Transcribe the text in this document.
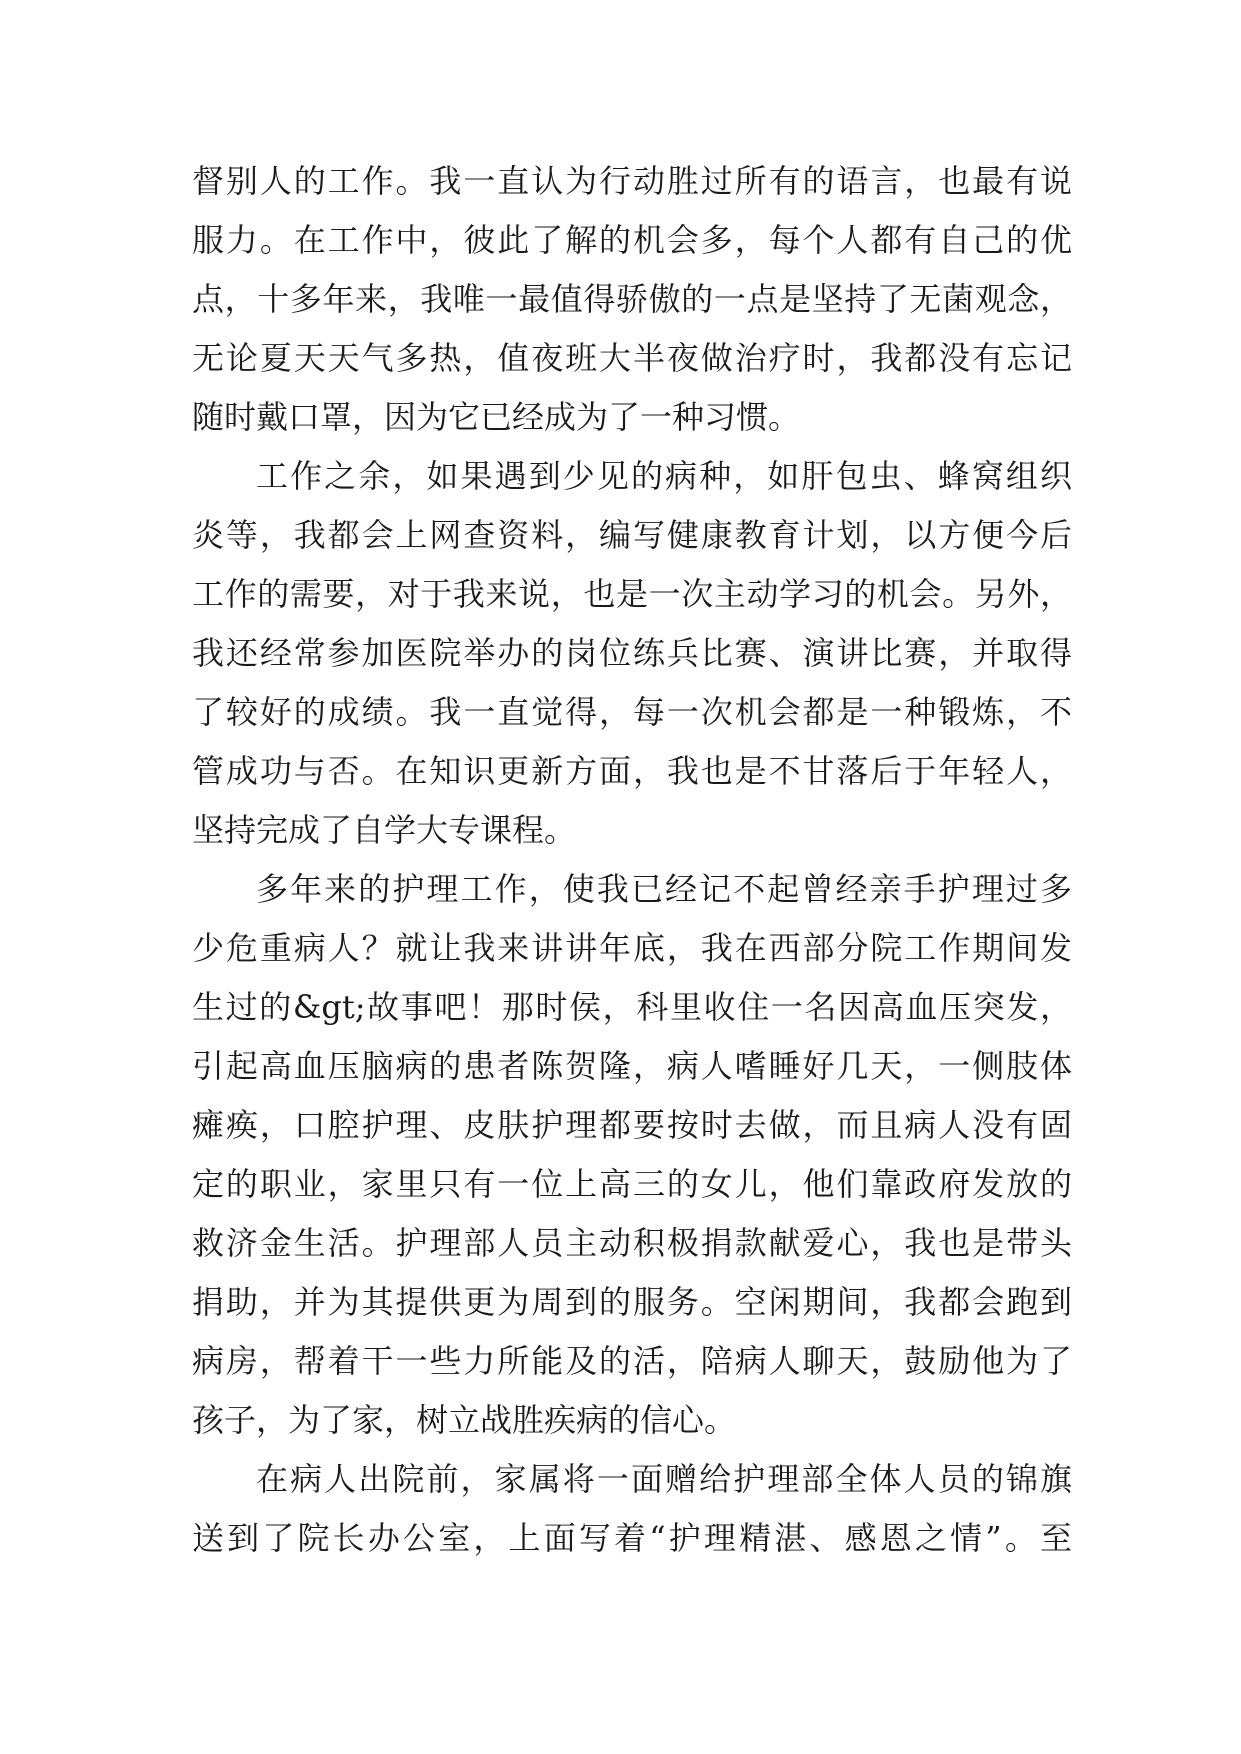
督别人的工作。我一直认为行动胜过所有的语言，也最有说
服力。在工作中，彼此了解的机会多，每个人都有自己的优
点，十多年来，我唯一最值得骄傲的一点是坚持了无菌观念，
无论夏天天气多热，值夜班大半夜做治疗时，我都没有忘记
随时戴口罩，因为它已经成为了一种习惯。
工作之余，如果遇到少见的病种，如肝包虫、蜂窝组织
炎等，我都会上网查资料，编写健康教育计划，以方便今后
工作的需要，对于我来说，也是一次主动学习的机会。另外，
我还经常参加医院举办的岗位练兵比赛、演讲比赛，并取得
了较好的成绩。我一直觉得，每一次机会都是一种锻炼，不
管成功与否。在知识更新方面，我也是不甘落后于年轻人，
坚持完成了自学大专课程。
多年来的护理工作，使我已经记不起曾经亲手护理过多
少危重病人？就让我来讲讲年底，我在西部分院工作期间发
生过的&gt;故事吧！那时侯，科里收住一名因高血压突发，
引起高血压脑病的患者陈贺隆，病人嗜睡好几天，一侧肢体
瘫痪，口腔护理、皮肤护理都要按时去做，而且病人没有固
定的职业，家里只有一位上高三的女儿，他们靠政府发放的
救济金生活。护理部人员主动积极捐款献爱心，我也是带头
捐助，并为其提供更为周到的服务。空闲期间，我都会跑到
病房，帮着干一些力所能及的活，陪病人聊天，鼓励他为了
孩子，为了家，树立战胜疾病的信心。
在病人出院前，家属将一面赠给护理部全体人员的锦旗
送到了院长办公室，上面写着“护理精湛、感恩之情”。至
